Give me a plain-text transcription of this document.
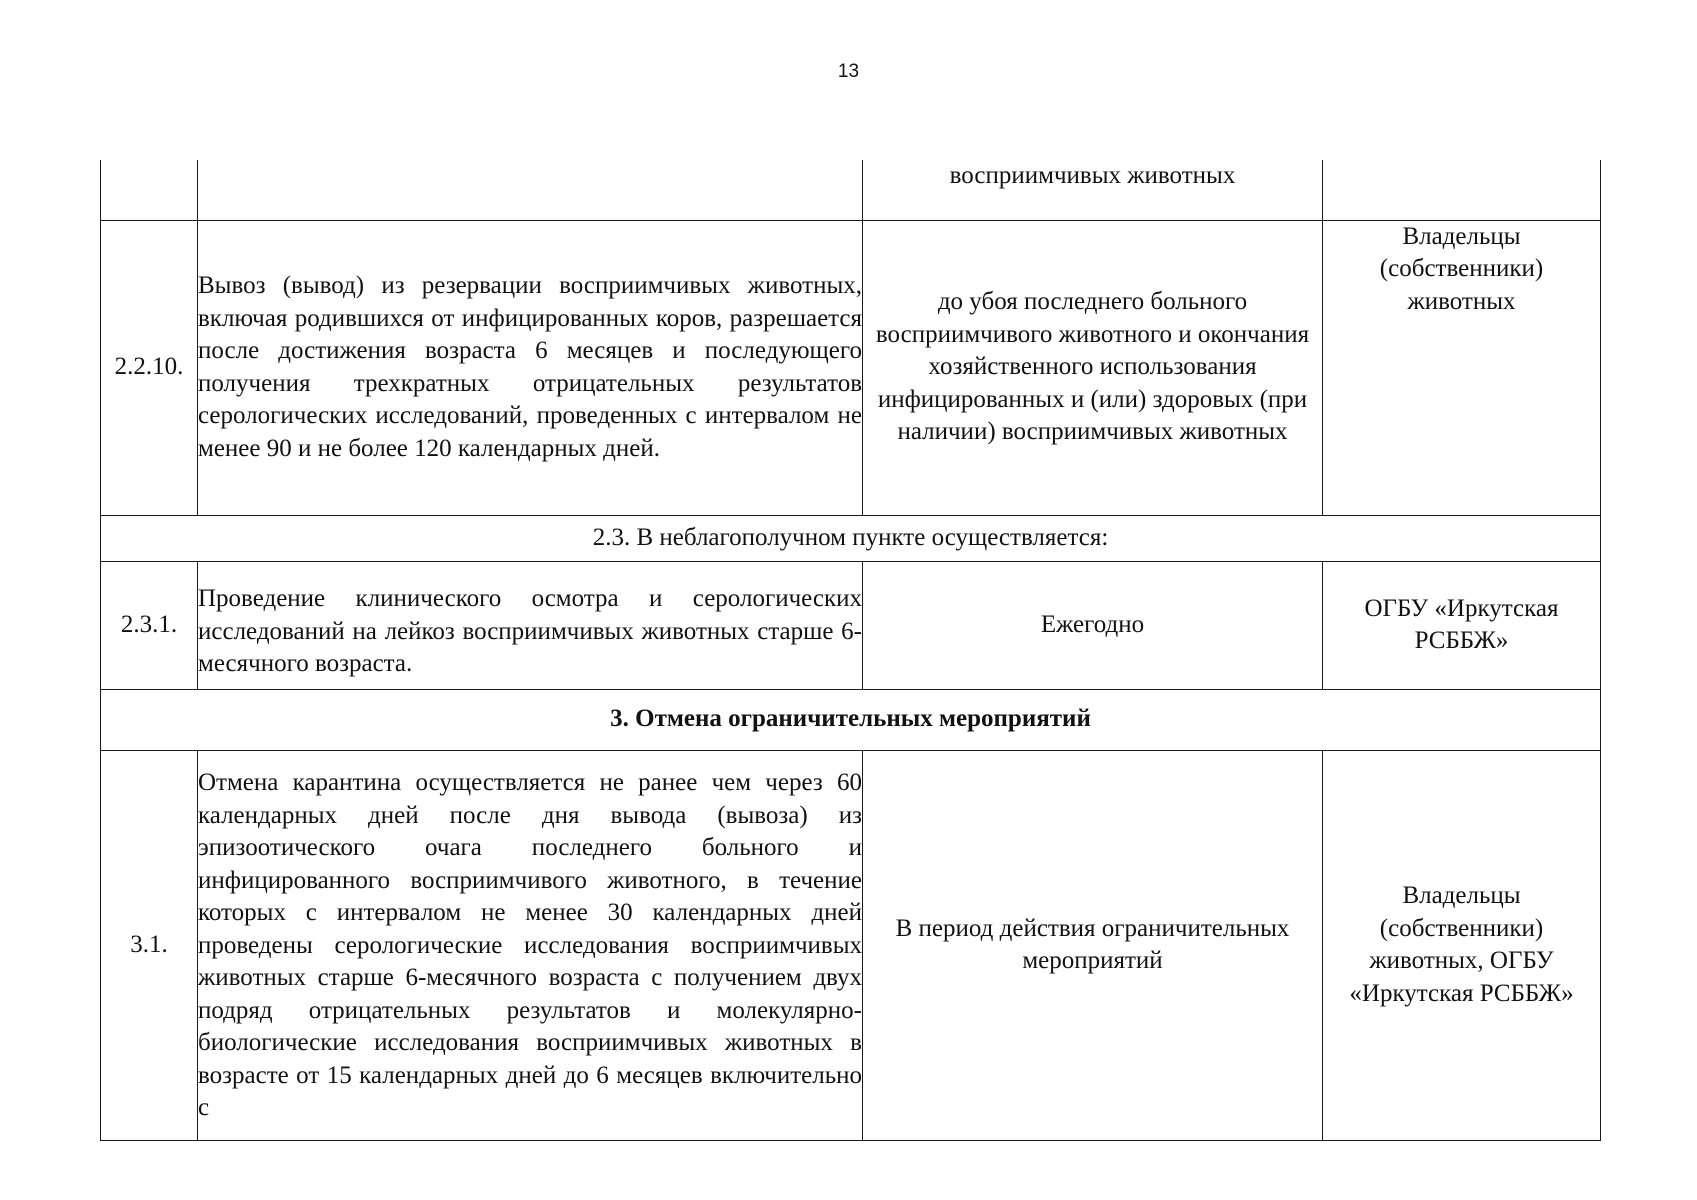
13

		восприимчивых животных	

2.2.10.	Вывоз (вывод) из резервации восприимчивых животных, включая родившихся от инфицированных коров, разрешается после достижения возраста 6 месяцев и последующего получения трехкратных отрицательных результатов серологических исследований, проведенных с интервалом не менее 90 и не более 120 календарных дней.	до убоя последнего больного восприимчивого животного и окончания хозяйственного использования инфицированных и (или) здоровых (при наличии) восприимчивых животных	Владельцы (собственники) животных

2.3. В неблагополучном пункте осуществляется:			
2.3.1.	Проведение клинического осмотра и серологических исследований на лейкоз восприимчивых животных старше 6-месячного возраста.	Ежегодно	ОГБУ «Иркутская РСББЖ»
3. Отмена ограничительных мероприятий			
3.1.	Отмена карантина осуществляется не ранее чем через 60 календарных дней после дня вывода (вывоза) из эпизоотического очага последнего больного и инфицированного восприимчивого животного, в течение которых с интервалом не менее 30 календарных дней проведены серологические исследования восприимчивых животных старше 6-месячного возраста с получением двух подряд отрицательных результатов и молекулярно-биологические исследования восприимчивых животных в возрасте от 15 календарных дней до 6 месяцев включительно с	В период действия ограничительных мероприятий	Владельцы (собственники) животных, ОГБУ «Иркутская РСББЖ»
